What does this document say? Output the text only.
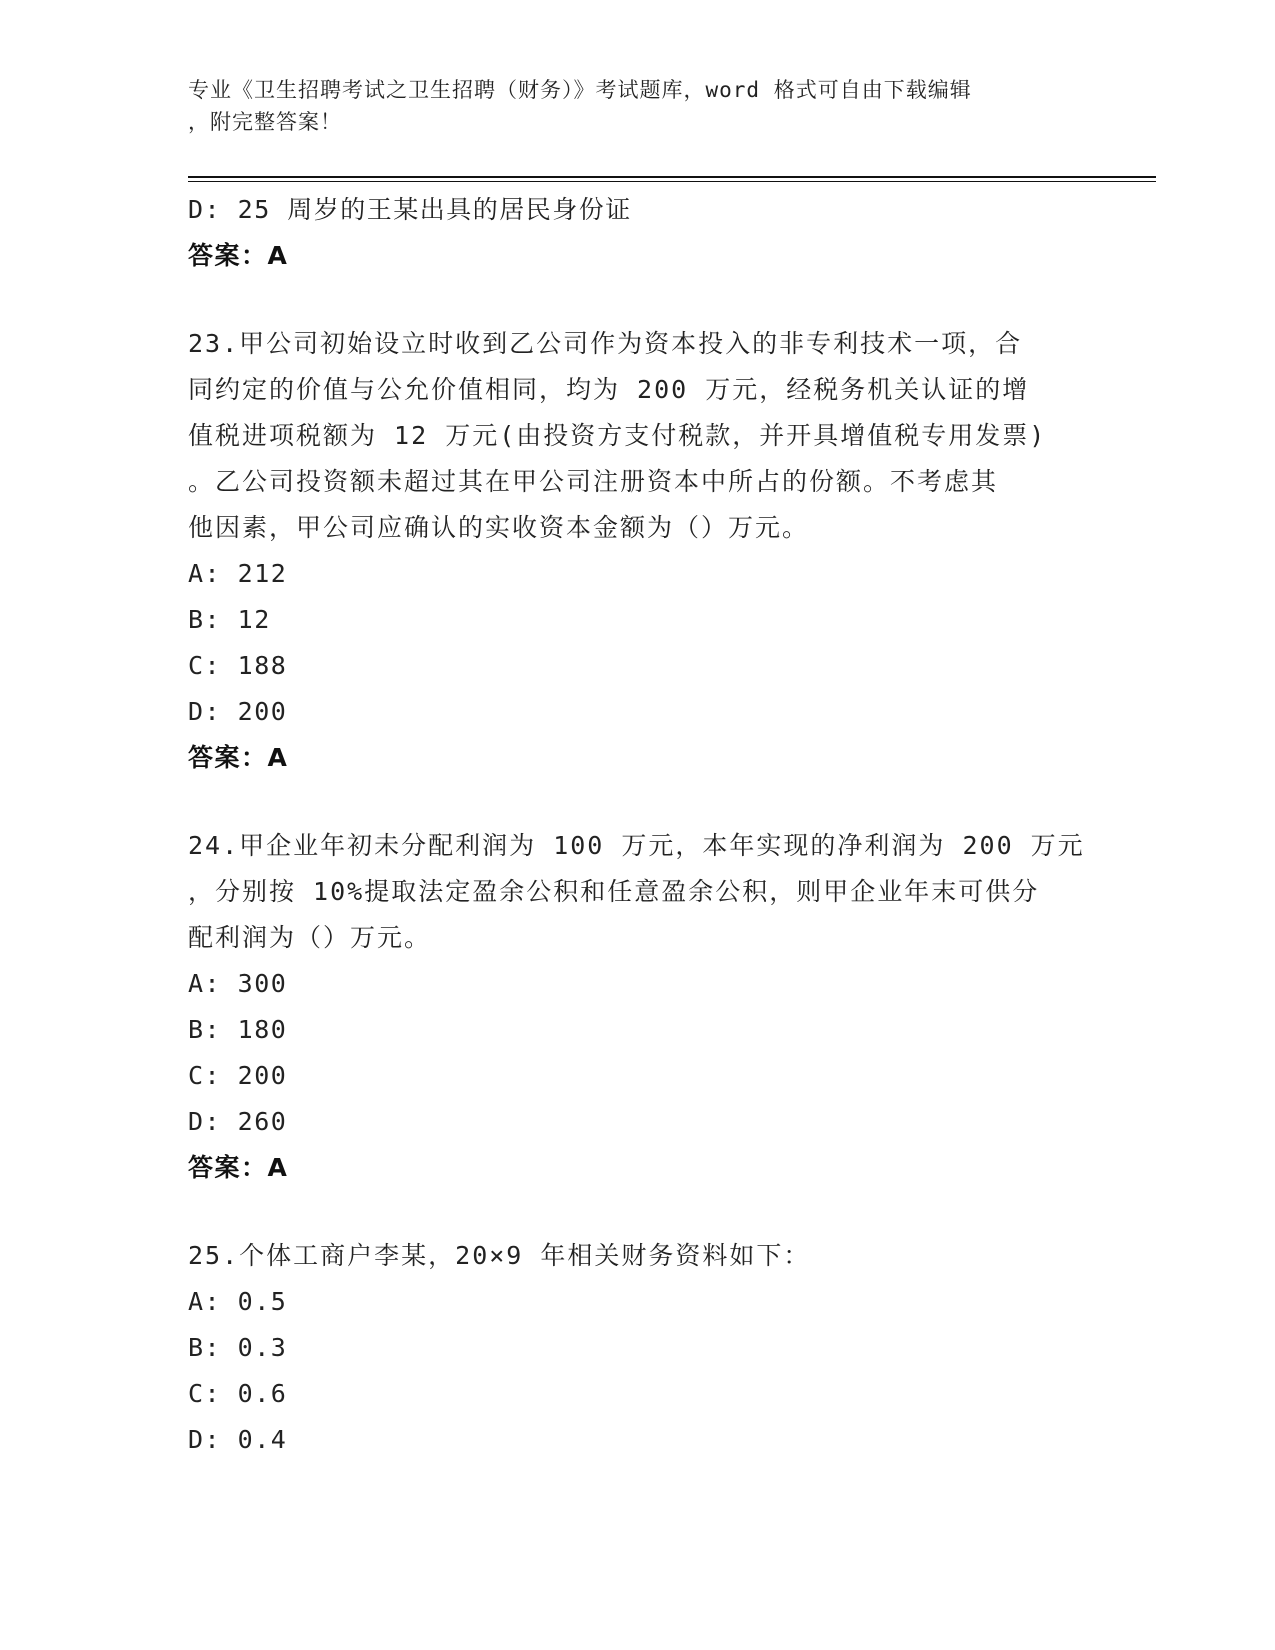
专业《卫生招聘考试之卫生招聘（财务）》考试题库，word 格式可自由下载编辑
，附完整答案！
D: 25 周岁的王某出具的居民身份证
答案：A
23.甲公司初始设立时收到乙公司作为资本投入的非专利技术一项，合
同约定的价值与公允价值相同，均为 200 万元，经税务机关认证的增
值税进项税额为 12 万元(由投资方支付税款，并开具增值税专用发票)
。乙公司投资额未超过其在甲公司注册资本中所占的份额。不考虑其
他因素，甲公司应确认的实收资本金额为（）万元。
A: 212
B: 12
C: 188
D: 200
答案：A
24.甲企业年初未分配利润为 100 万元，本年实现的净利润为 200 万元
，分别按 10%提取法定盈余公积和任意盈余公积，则甲企业年末可供分
配利润为（）万元。
A: 300
B: 180
C: 200
D: 260
答案：A
25.个体工商户李某，20×9 年相关财务资料如下：
A: 0.5
B: 0.3
C: 0.6
D: 0.4
